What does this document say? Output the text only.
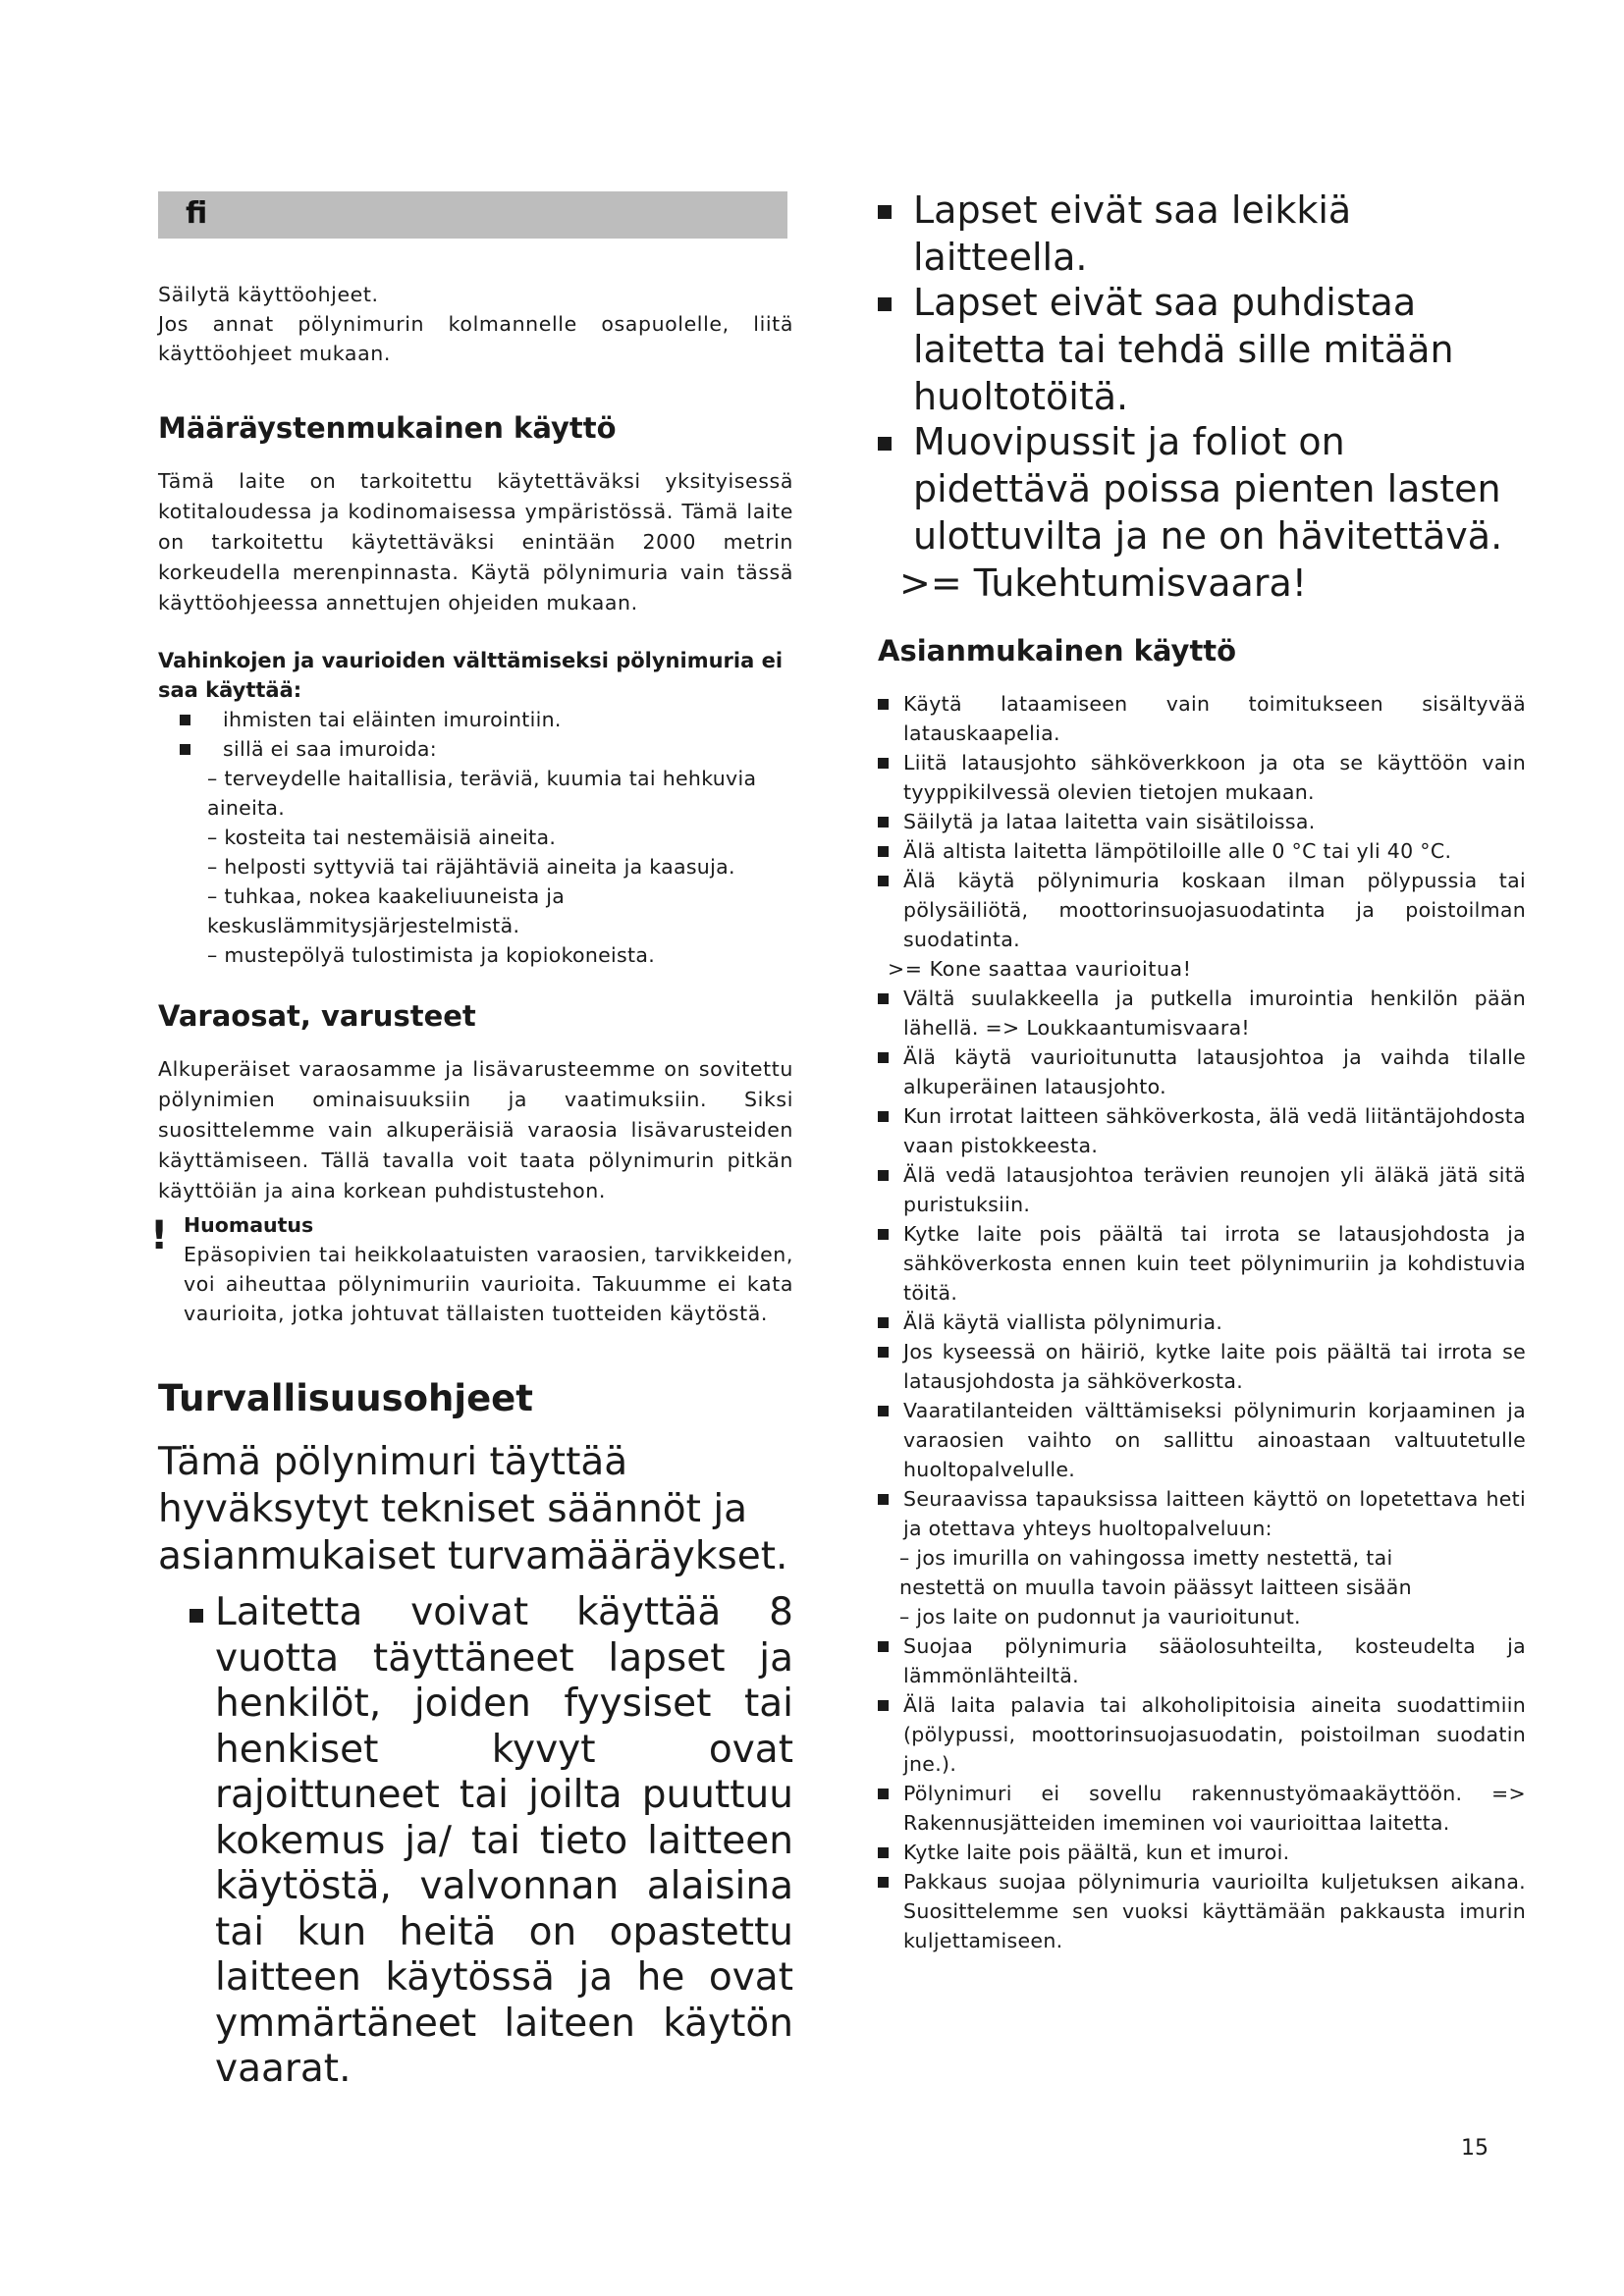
fi

Säilytä käyttöohjeet.

Jos annat pölynimurin kolmannelle osapuolelle, liitä käyttöohjeet mukaan.

Määräystenmukainen käyttö

Tämä laite on tarkoitettu käytettäväksi yksityisessä kotitaloudessa ja kodinomaisessa ympäristössä. Tämä laite on tarkoitettu käytettäväksi enintään 2000 metrin korkeudella merenpinnasta. Käytä pölynimuria vain tässä käyttöohjeessa annettujen ohjeiden mukaan.

Vahinkojen ja vaurioiden välttämiseksi pölynimuria ei saa käyttää:

ihmisten tai eläinten imurointiin.
sillä ei saa imuroida:

– terveydelle haitallisia, teräviä, kuumia tai hehkuvia aineita.

– kosteita tai nestemäisiä aineita.

– helposti syttyviä tai räjähtäviä aineita ja kaasuja.

– tuhkaa, nokea kaakeliuuneista ja keskuslämmitysjärjestelmistä.

– mustepölyä tulostimista ja kopiokoneista.

Varaosat, varusteet

Alkuperäiset varaosamme ja lisävarusteemme on sovitettu pölynimien ominaisuuksiin ja vaatimuksiin. Siksi suosittelemme vain alkuperäisiä varaosia lisävarusteiden käyttämiseen. Tällä tavalla voit taata pölynimurin pitkän käyttöiän ja aina korkean puhdistustehon.

! Huomautus

Epäsopivien tai heikkolaatuisten varaosien, tarvikkeiden, voi aiheuttaa pölynimuriin vaurioita. Takuumme ei kata vaurioita, jotka johtuvat tällaisten tuotteiden käytöstä.

Turvallisuusohjeet

Tämä pölynimuri täyttää hyväksytyt tekniset säännöt ja asianmukaiset turvamääräykset.

Laitetta voivat käyttää 8 vuotta täyttäneet lapset ja henkilöt, joiden fyysiset tai henkiset kyvyt ovat rajoittuneet tai joilta puuttuu kokemus ja/ tai tieto laitteen käytöstä, valvonnan alaisina tai kun heitä on opastettu laitteen käytössä ja he ovat ymmärtäneet laiteen käytön vaarat.
Lapset eivät saa leikkiä laitteella.
Lapset eivät saa puhdistaa laitetta tai tehdä sille mitään huoltotöitä.
Muovipussit ja foliot on pidettävä poissa pienten lasten ulottuvilta ja ne on hävitettävä.

>= Tukehtumisvaara!

Asianmukainen käyttö
Käytä lataamiseen vain toimitukseen sisältyvää latauskaapelia.
Liitä latausjohto sähköverkkoon ja ota se käyttöön vain tyyppikilvessä olevien tietojen mukaan.
Säilytä ja lataa laitetta vain sisätiloissa.
Älä altista laitetta lämpötiloille alle 0 °C tai yli 40 °C.
Älä käytä pölynimuria koskaan ilman pölypussia tai pölysäiliötä, moottorinsuojasuodatinta ja poistoilman suodatinta.

>= Kone saattaa vaurioitua!

Vältä suulakkeella ja putkella imurointia henkilön pään lähellä. => Loukkaantumisvaara!
Älä käytä vaurioitunutta latausjohtoa ja vaihda tilalle alkuperäinen latausjohto.
Kun irrotat laitteen sähköverkosta, älä vedä liitäntäjohdosta vaan pistokkeesta.
Älä vedä latausjohtoa terävien reunojen yli äläkä jätä sitä puristuksiin.
Kytke laite pois päältä tai irrota se latausjohdosta ja sähköverkosta ennen kuin teet pölynimuriin ja kohdistuvia töitä.
Älä käytä viallista pölynimuria.
Jos kyseessä on häiriö, kytke laite pois päältä tai irrota se latausjohdosta ja sähköverkosta.
Vaaratilanteiden välttämiseksi pölynimurin korjaaminen ja varaosien vaihto on sallittu ainoastaan valtuutetulle huoltopalvelulle.
Seuraavissa tapauksissa laitteen käyttö on lopetettava heti ja otettava yhteys huoltopalveluun:

– jos imurilla on vahingossa imetty nestettä, tai nestettä on muulla tavoin päässyt laitteen sisään

– jos laite on pudonnut ja vaurioitunut.

Suojaa pölynimuria sääolosuhteilta, kosteudelta ja lämmönlähteiltä.
Älä laita palavia tai alkoholipitoisia aineita suodattimiin (pölypussi, moottorinsuojasuodatin, poistoilman suodatin jne.).
Pölynimuri ei sovellu rakennustyömaakäyttöön. => Rakennusjätteiden imeminen voi vaurioittaa laitetta.
Kytke laite pois päältä, kun et imuroi.
Pakkaus suojaa pölynimuria vaurioilta kuljetuksen aikana. Suosittelemme sen vuoksi käyttämään pakkausta imurin kuljettamiseen.
15
